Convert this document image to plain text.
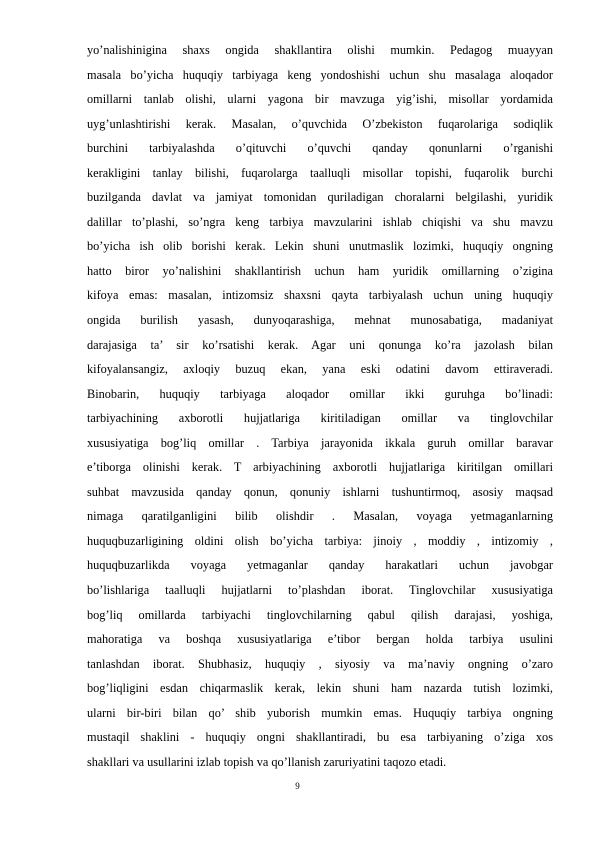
yo’nalishinigina shaxs ongida shakllantira olishi mumkin. Pedagog muayyan
masala bo’yicha huquqiy tarbiyaga keng yondoshishi uchun shu masalaga aloqador
omillarni tanlab olishi, ularni yagona bir mavzuga yig’ishi, misollar yordamida
uyg’unlashtirishi kerak. Masalan, o’quvchida O’zbekiston fuqarolariga sodiqlik
burchini tarbiyalashda o’qituvchi o’quvchi qanday qonunlarni o’rganishi
kerakligini tanlay bilishi, fuqarolarga taalluqli misollar topishi, fuqarolik burchi
buzilganda davlat va jamiyat tomonidan quriladigan choralarni belgilashi, yuridik
dalillar to’plashi, so’ngra keng tarbiya mavzularini ishlab chiqishi va shu mavzu
bo’yicha ish olib borishi kerak. Lekin shuni unutmaslik lozimki, huquqiy ongning
hatto biror yo’nalishini shakllantirish uchun ham yuridik omillarning o’zigina
kifoya emas: masalan, intizomsiz shaxsni qayta tarbiyalash uchun uning huquqiy
ongida burilish yasash, dunyoqarashiga, mehnat munosabatiga, madaniyat
darajasiga ta’ sir ko’rsatishi kerak. Agar uni qonunga ko’ra jazolash bilan
kifoyalansangiz, axloqiy buzuq ekan, yana eski odatini davom ettiraveradi.
Binobarin, huquqiy tarbiyaga aloqador omillar ikki guruhga bo’linadi:
tarbiyachining axborotli hujjatlariga kiritiladigan omillar va tinglovchilar
xususiyatiga bog’liq omillar . Tarbiya jarayonida ikkala guruh omillar baravar
e’tiborga olinishi kerak. T arbiyachining axborotli hujjatlariga kiritilgan omillari
suhbat mavzusida qanday qonun, qonuniy ishlarni tushuntirmoq, asosiy maqsad
nimaga qaratilganligini bilib olishdir . Masalan, voyaga yetmaganlarning
huquqbuzarligining oldini olish bo’yicha tarbiya: jinoiy , moddiy , intizomiy ,
huquqbuzarlikda voyaga yetmaganlar qanday harakatlari uchun javobgar
bo’lishlariga taalluqli hujjatlarni to’plashdan iborat. Tinglovchilar xususiyatiga
bog’liq omillarda tarbiyachi tinglovchilarning qabul qilish darajasi, yoshiga,
mahoratiga va boshqa xususiyatlariga e’tibor bergan holda tarbiya usulini
tanlashdan iborat. Shubhasiz, huquqiy , siyosiy va ma’naviy ongning o’zaro
bog’liqligini esdan chiqarmaslik kerak, lekin shuni ham nazarda tutish lozimki,
ularni bir-biri bilan qo’ shib yuborish mumkin emas. Huquqiy tarbiya ongning
mustaqil shaklini - huquqiy ongni shakllantiradi, bu esa tarbiyaning o’ziga xos
shakllari va usullarini izlab topish va qo’llanish zaruriyatini taqozo etadi.
9
